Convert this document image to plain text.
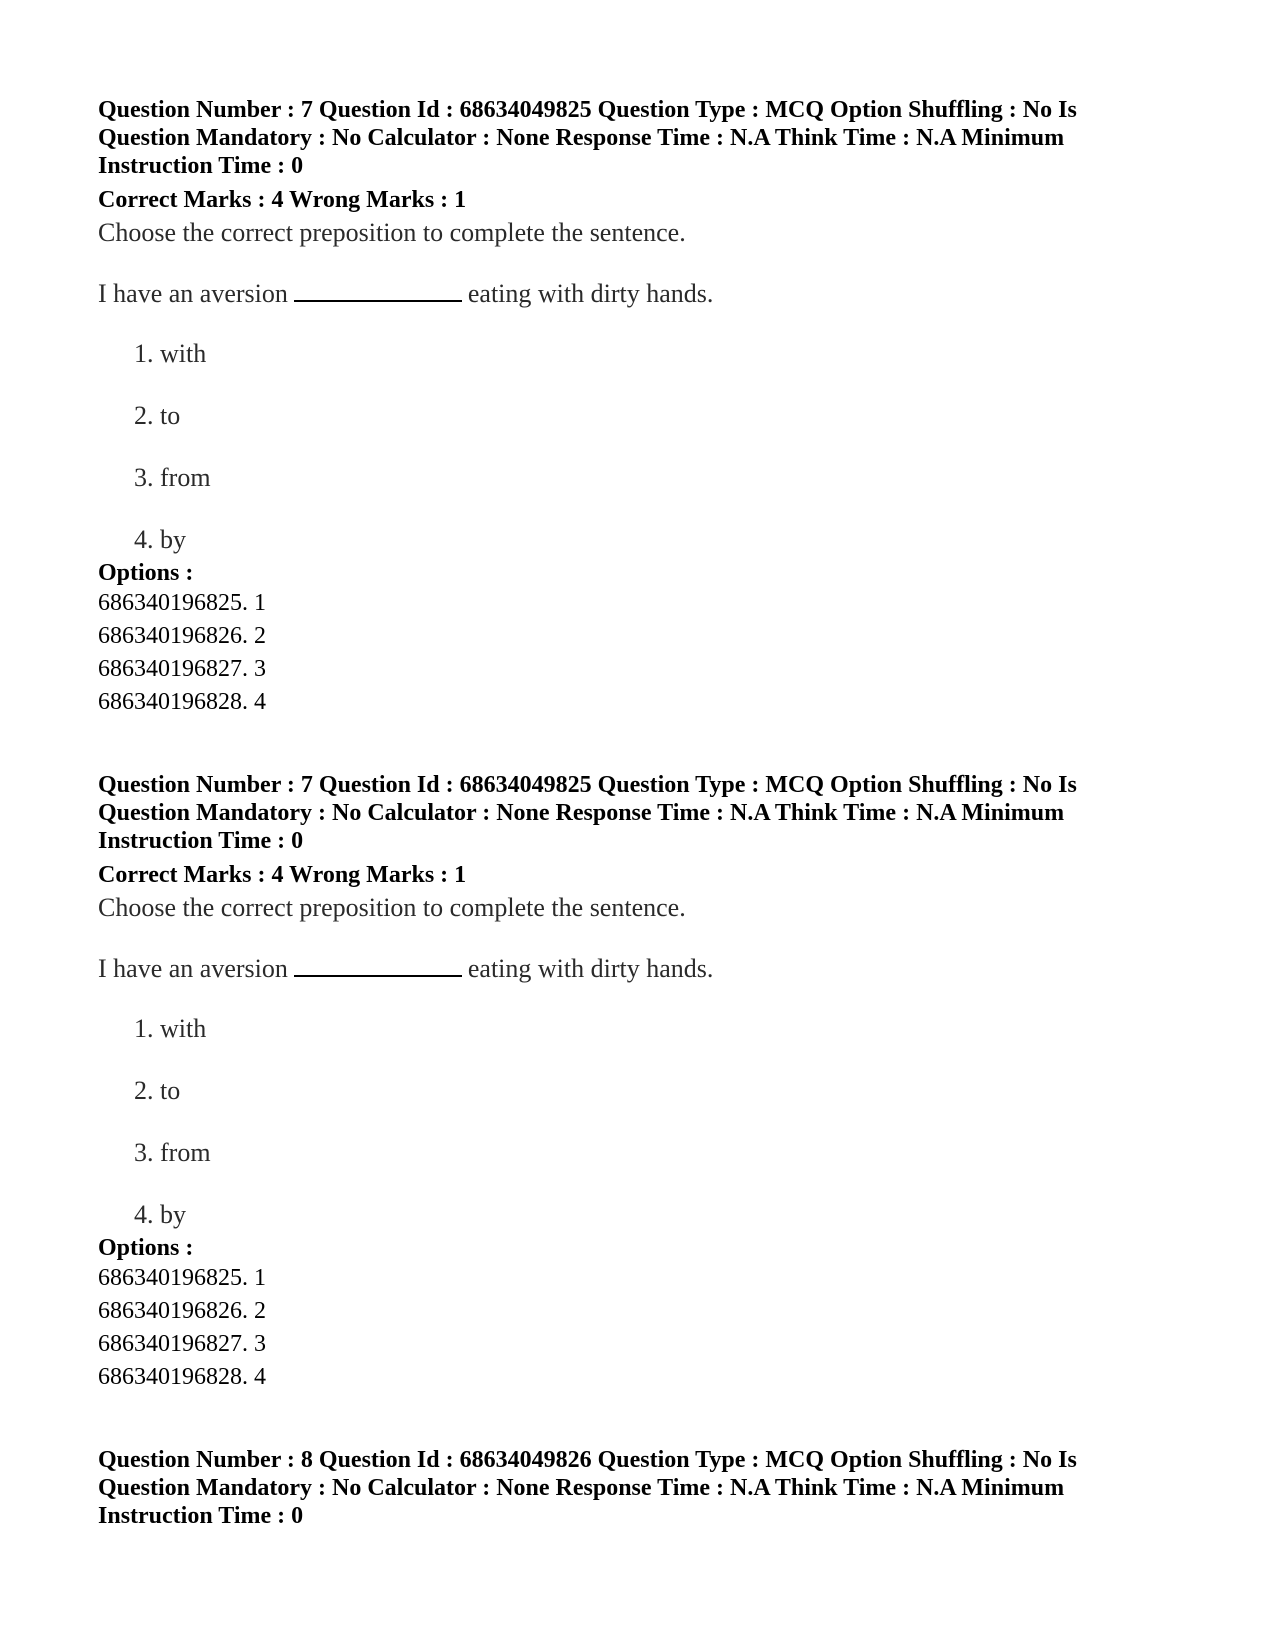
Question Number : 7 Question Id : 68634049825 Question Type : MCQ Option Shuffling : No Is Question Mandatory : No Calculator : None Response Time : N.A Think Time : N.A Minimum Instruction Time : 0

Correct Marks : 4 Wrong Marks : 1
Choose the correct preposition to complete the sentence.
I have an aversion	eating with dirty hands.
1. with
2. to
3. from
4. by
Options :
686340196825. 1
686340196826. 2
686340196827. 3
686340196828. 4

Question Number : 7 Question Id : 68634049825 Question Type : MCQ Option Shuffling : No Is Question Mandatory : No Calculator : None Response Time : N.A Think Time : N.A Minimum Instruction Time : 0

Correct Marks : 4 Wrong Marks : 1
Choose the correct preposition to complete the sentence.
I have an aversion	eating with dirty hands.
1. with
2. to
3. from
4. by
Options :
686340196825. 1
686340196826. 2
686340196827. 3
686340196828. 4

Question Number : 8 Question Id : 68634049826 Question Type : MCQ Option Shuffling : No Is Question Mandatory : No Calculator : None Response Time : N.A Think Time : N.A Minimum Instruction Time : 0
